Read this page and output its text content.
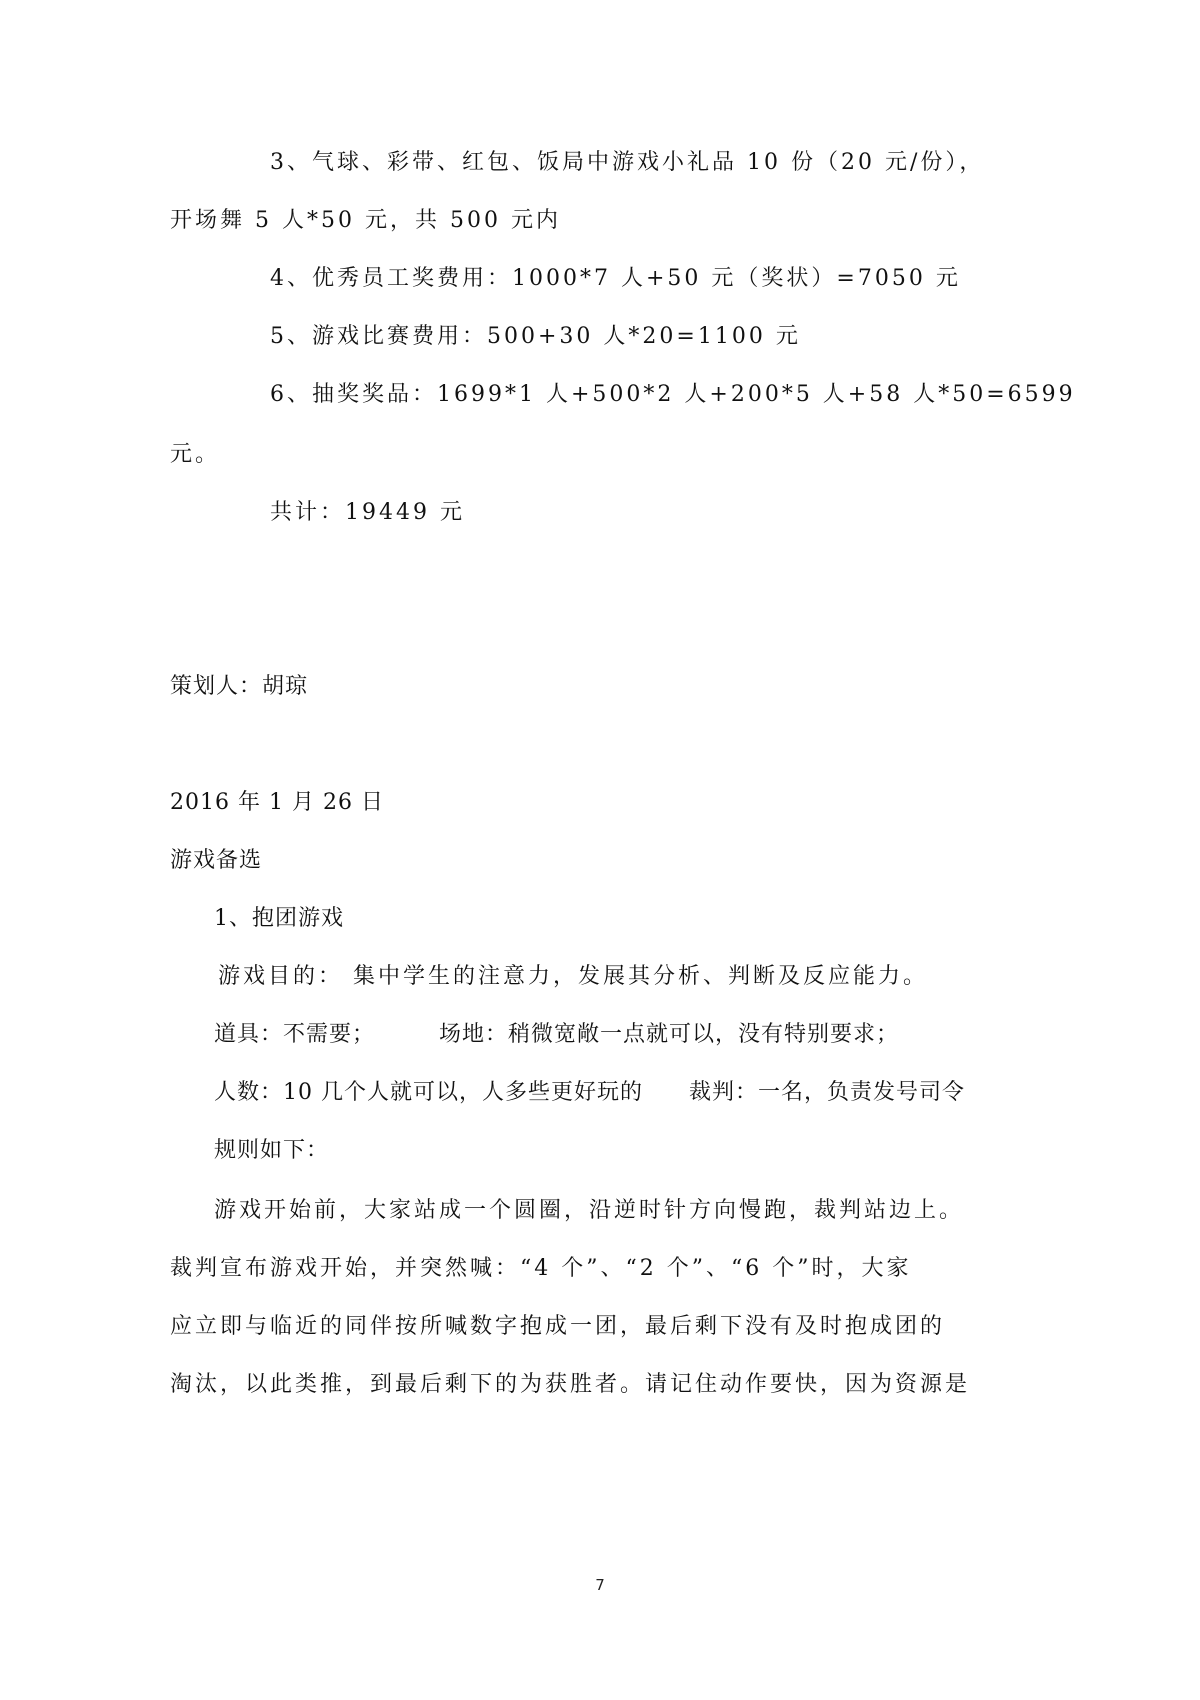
3、气球、彩带、红包、饭局中游戏小礼品 10 份（20 元/份），
开场舞 5 人*50 元，共 500 元内
4、优秀员工奖费用：1000*7 人+50 元（奖状）=7050 元
5、游戏比赛费用：500+30 人*20=1100 元
6、抽奖奖品：1699*1 人+500*2 人+200*5 人+58 人*50=6599
元。
共计：19449 元
策划人：胡琼
2016 年 1 月 26 日
游戏备选
1、抱团游戏
游戏目的： 集中学生的注意力，发展其分析、判断及反应能力。
道具：不需要；	场地：稍微宽敞一点就可以，没有特别要求；
人数：10 几个人就可以，人多些更好玩的 裁判：一名，负责发号司令
规则如下：
游戏开始前，大家站成一个圆圈，沿逆时针方向慢跑，裁判站边上。
裁判宣布游戏开始，并突然喊：“4 个”、“2 个”、“6 个”时，大家
应立即与临近的同伴按所喊数字抱成一团，最后剩下没有及时抱成团的
淘汰，以此类推，到最后剩下的为获胜者。请记住动作要快，因为资源是
7
